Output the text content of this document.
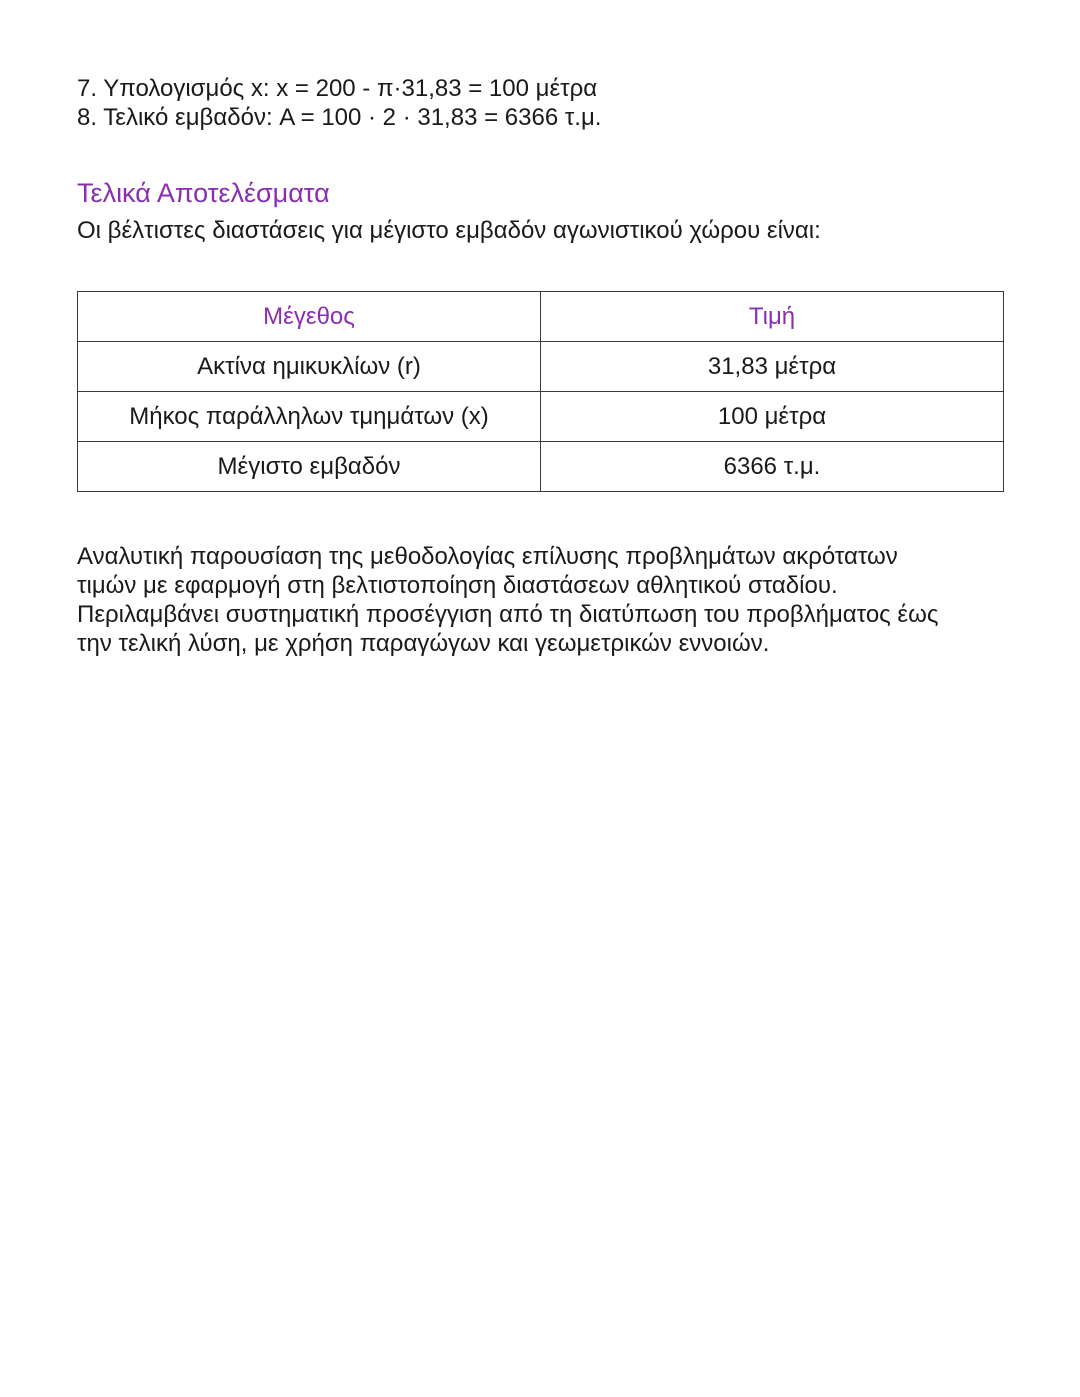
7. Υπολογισμός x: x = 200 - π·31,83 = 100 μέτρα
8. Τελικό εμβαδόν: A = 100 · 2 · 31,83 = 6366 τ.μ.
Τελικά Αποτελέσματα
Οι βέλτιστες διαστάσεις για μέγιστο εμβαδόν αγωνιστικού χώρου είναι:
Μέγεθος	Τιμή
Ακτίνα ημικυκλίων (r)	31,83 μέτρα
Μήκος παράλληλων τμημάτων (x)	100 μέτρα
Μέγιστο εμβαδόν	6366 τ.μ.
Αναλυτική παρουσίαση της μεθοδολογίας επίλυσης προβλημάτων ακρότατων
τιμών με εφαρμογή στη βελτιστοποίηση διαστάσεων αθλητικού σταδίου.
Περιλαμβάνει συστηματική προσέγγιση από τη διατύπωση του προβλήματος έως
την τελική λύση, με χρήση παραγώγων και γεωμετρικών εννοιών.
